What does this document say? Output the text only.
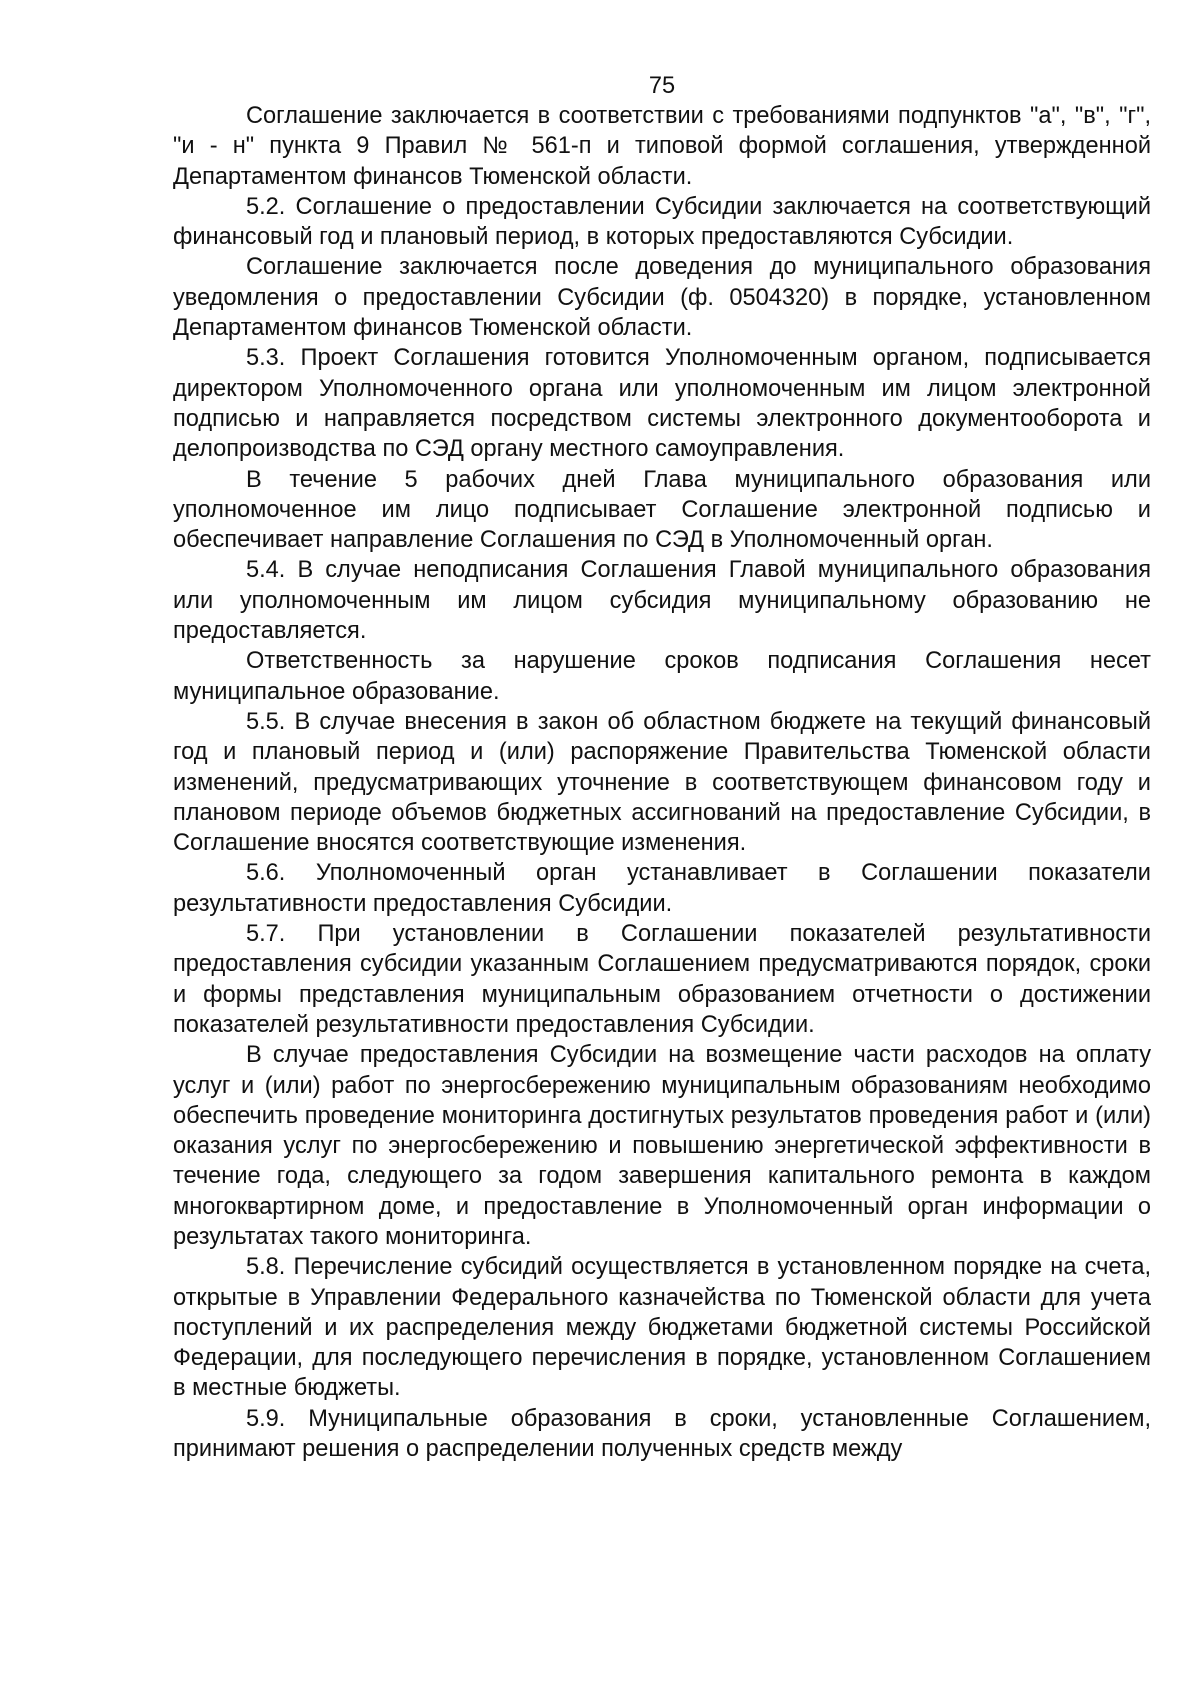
75

Соглашение заключается в соответствии с требованиями подпунктов "а", "в", "г", "и - н" пункта 9 Правил № 561-п и типовой формой соглашения, утвержденной Департаментом финансов Тюменской области.

5.2. Соглашение о предоставлении Субсидии заключается на соответствующий финансовый год и плановый период, в которых предоставляются Субсидии.

Соглашение заключается после доведения до муниципального образования уведомления о предоставлении Субсидии (ф. 0504320) в порядке, установленном Департаментом финансов Тюменской области.

5.3. Проект Соглашения готовится Уполномоченным органом, подписывается директором Уполномоченного органа или уполномоченным им лицом электронной подписью и направляется посредством системы электронного документооборота и делопроизводства по СЭД органу местного самоуправления.

В течение 5 рабочих дней Глава муниципального образования или уполномоченное им лицо подписывает Соглашение электронной подписью и обеспечивает направление Соглашения по СЭД в Уполномоченный орган.

5.4. В случае неподписания Соглашения Главой муниципального образования или уполномоченным им лицом субсидия муниципальному образованию не предоставляется.

Ответственность за нарушение сроков подписания Соглашения несет муниципальное образование.

5.5. В случае внесения в закон об областном бюджете на текущий финансовый год и плановый период и (или) распоряжение Правительства Тюменской области изменений, предусматривающих уточнение в соответствующем финансовом году и плановом периоде объемов бюджетных ассигнований на предоставление Субсидии, в Соглашение вносятся соответствующие изменения.

5.6. Уполномоченный орган устанавливает в Соглашении показатели результативности предоставления Субсидии.

5.7. При установлении в Соглашении показателей результативности предоставления субсидии указанным Соглашением предусматриваются порядок, сроки и формы представления муниципальным образованием отчетности о достижении показателей результативности предоставления Субсидии.

В случае предоставления Субсидии на возмещение части расходов на оплату услуг и (или) работ по энергосбережению муниципальным образованиям необходимо обеспечить проведение мониторинга достигнутых результатов проведения работ и (или) оказания услуг по энергосбережению и повышению энергетической эффективности в течение года, следующего за годом завершения капитального ремонта в каждом многоквартирном доме, и предоставление в Уполномоченный орган информации о результатах такого мониторинга.

5.8. Перечисление субсидий осуществляется в установленном порядке на счета, открытые в Управлении Федерального казначейства по Тюменской области для учета поступлений и их распределения между бюджетами бюджетной системы Российской Федерации, для последующего перечисления в порядке, установленном Соглашением в местные бюджеты.

5.9. Муниципальные образования в сроки, установленные Соглашением, принимают решения о распределении полученных средств между
